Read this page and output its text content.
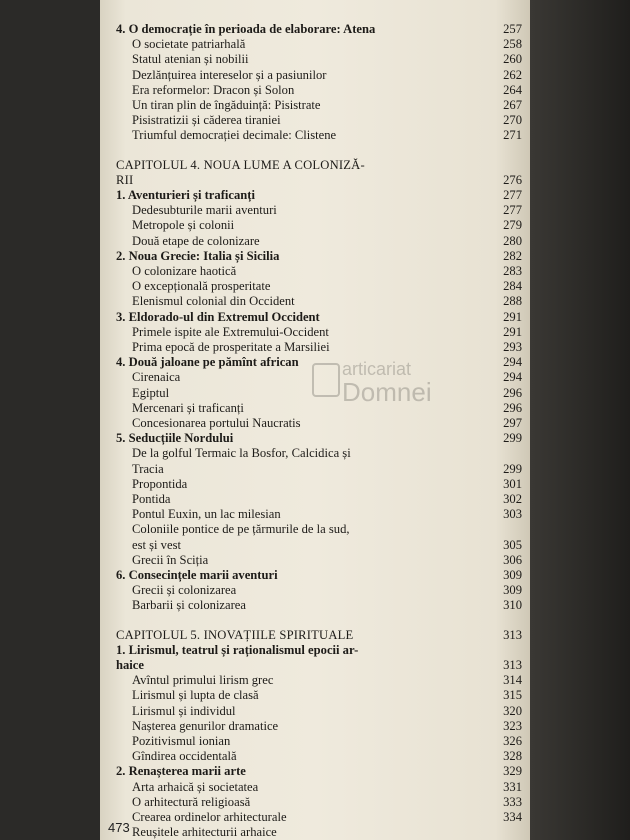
4. O democrație în perioada de elaborare: Atena	257
O societate patriarhală	258
Statul atenian și nobilii	260
Dezlănțuirea intereselor și a pasiunilor	262
Era reformelor: Dracon și Solon	264
Un tiran plin de îngăduință: Pisistrate	267
Pisistratizii și căderea tiraniei	270
Triumful democrației decimale: Clistene	271
CAPITOLUL 4. NOUA LUME A COLONIZĂ-
RII	276
1. Aventurieri și traficanți	277
Dedesubturile marii aventuri	277
Metropole și colonii	279
Două etape de colonizare	280
2. Noua Grecie: Italia și Sicilia	282
O colonizare haotică	283
O excepțională prosperitate	284
Elenismul colonial din Occident	288
3. Eldorado-ul din Extremul Occident	291
Primele ispite ale Extremului-Occident	291
Prima epocă de prosperitate a Marsiliei	293
4. Două jaloane pe pămînt african	294
Cirenaica	294
Egiptul	296
Mercenari și traficanți	296
Concesionarea portului Naucratis	297
5. Seducțiile Nordului	299
De la golful Termaic la Bosfor, Calcidica și
Tracia	299
Propontida	301
Pontida	302
Pontul Euxin, un lac milesian	303
Coloniile pontice de pe țărmurile de la sud,
est și vest	305
Grecii în Sciția	306
6. Consecințele marii aventuri	309
Grecii și colonizarea	309
Barbarii și colonizarea	310
CAPITOLUL 5. INOVAȚIILE SPIRITUALE	313
1. Lirismul, teatrul și raționalismul epocii ar-
haice	313
Avîntul primului lirism grec	314
Lirismul și lupta de clasă	315
Lirismul și individul	320
Nașterea genurilor dramatice	323
Pozitivismul ionian	326
Gîndirea occidentală	328
2. Renașterea marii arte	329
Arta arhaică și societatea	331
O arhitectură religioasă	333
Crearea ordinelor arhitecturale	334
Reușitele arhitecturii arhaice
articariat
Domnei
473
